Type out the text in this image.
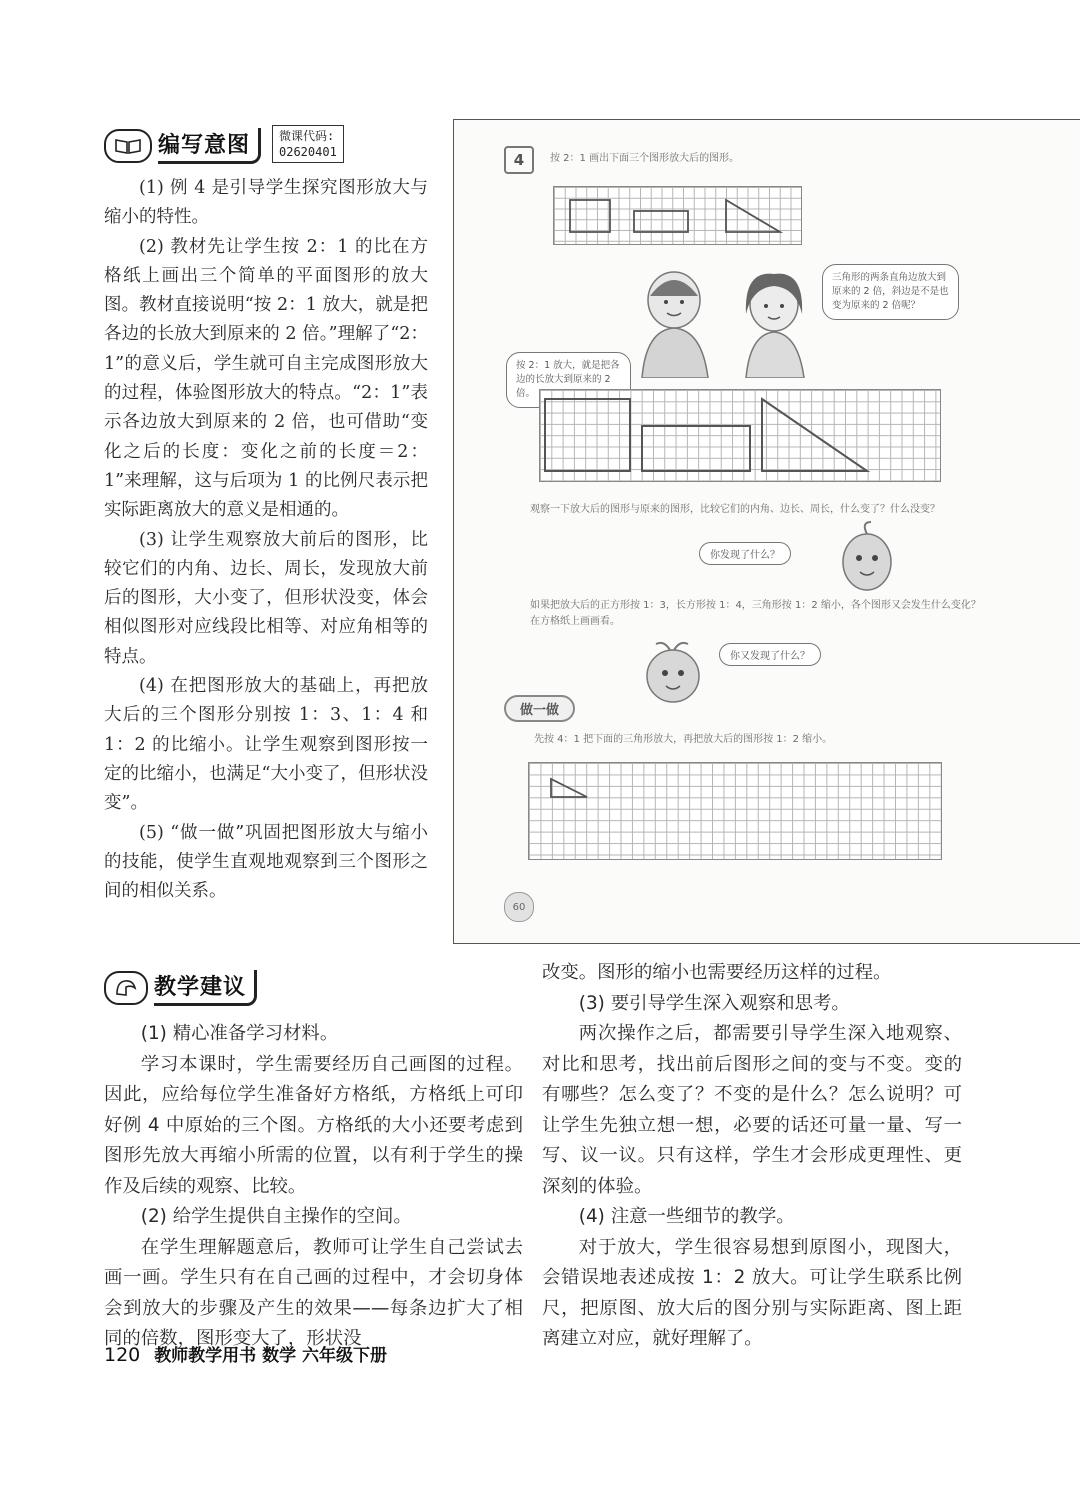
编写意图	微课代码:
02620401

(1) 例 4 是引导学生探究图形放大与缩小的特性。

(2) 教材先让学生按 2：1 的比在方格纸上画出三个简单的平面图形的放大图。教材直接说明“按 2：1 放大，就是把各边的长放大到原来的 2 倍。”理解了“2：1”的意义后，学生就可自主完成图形放大的过程，体验图形放大的特点。“2：1”表示各边放大到原来的 2 倍，也可借助“变化之后的长度：变化之前的长度＝2：1”来理解，这与后项为 1 的比例尺表示把实际距离放大的意义是相通的。

(3) 让学生观察放大前后的图形，比较它们的内角、边长、周长，发现放大前后的图形，大小变了，但形状没变，体会相似图形对应线段比相等、对应角相等的特点。

(4) 在把图形放大的基础上，再把放大后的三个图形分别按 1：3、1：4 和 1：2 的比缩小。让学生观察到图形按一定的比缩小，也满足“大小变了，但形状没变”。

(5) “做一做”巩固把图形放大与缩小的技能，使学生直观地观察到三个图形之间的相似关系。

4	按 2：1 画出下面三个图形放大后的图形。
按 2：1 放大，就是把各边的长放大到原来的 2 倍。
三角形的两条直角边放大到原来的 2 倍，斜边是不是也变为原来的 2 倍呢？
观察一下放大后的图形与原来的图形，比较它们的内角、边长、周长，什么变了？什么没变？
你发现了什么？
如果把放大后的正方形按 1：3，长方形按 1：4，三角形按 1：2 缩小，各个图形又会发生什么变化？在方格纸上画画看。
你又发现了什么？
做一做
先按 4：1 把下面的三角形放大，再把放大后的图形按 1：2 缩小。
60
教学建议

(1) 精心准备学习材料。

学习本课时，学生需要经历自己画图的过程。因此，应给每位学生准备好方格纸，方格纸上可印好例 4 中原始的三个图。方格纸的大小还要考虑到图形先放大再缩小所需的位置，以有利于学生的操作及后续的观察、比较。

(2) 给学生提供自主操作的空间。

在学生理解题意后，教师可让学生自己尝试去画一画。学生只有在自己画的过程中，才会切身体会到放大的步骤及产生的效果——每条边扩大了相同的倍数，图形变大了，形状没

改变。图形的缩小也需要经历这样的过程。

(3) 要引导学生深入观察和思考。

两次操作之后，都需要引导学生深入地观察、对比和思考，找出前后图形之间的变与不变。变的有哪些？怎么变了？不变的是什么？怎么说明？可让学生先独立想一想，必要的话还可量一量、写一写、议一议。只有这样，学生才会形成更理性、更深刻的体验。

(4) 注意一些细节的教学。

对于放大，学生很容易想到原图小，现图大，会错误地表述成按 1：2 放大。可让学生联系比例尺，把原图、放大后的图分别与实际距离、图上距离建立对应，就好理解了。

120 教师教学用书 数学 六年级下册
